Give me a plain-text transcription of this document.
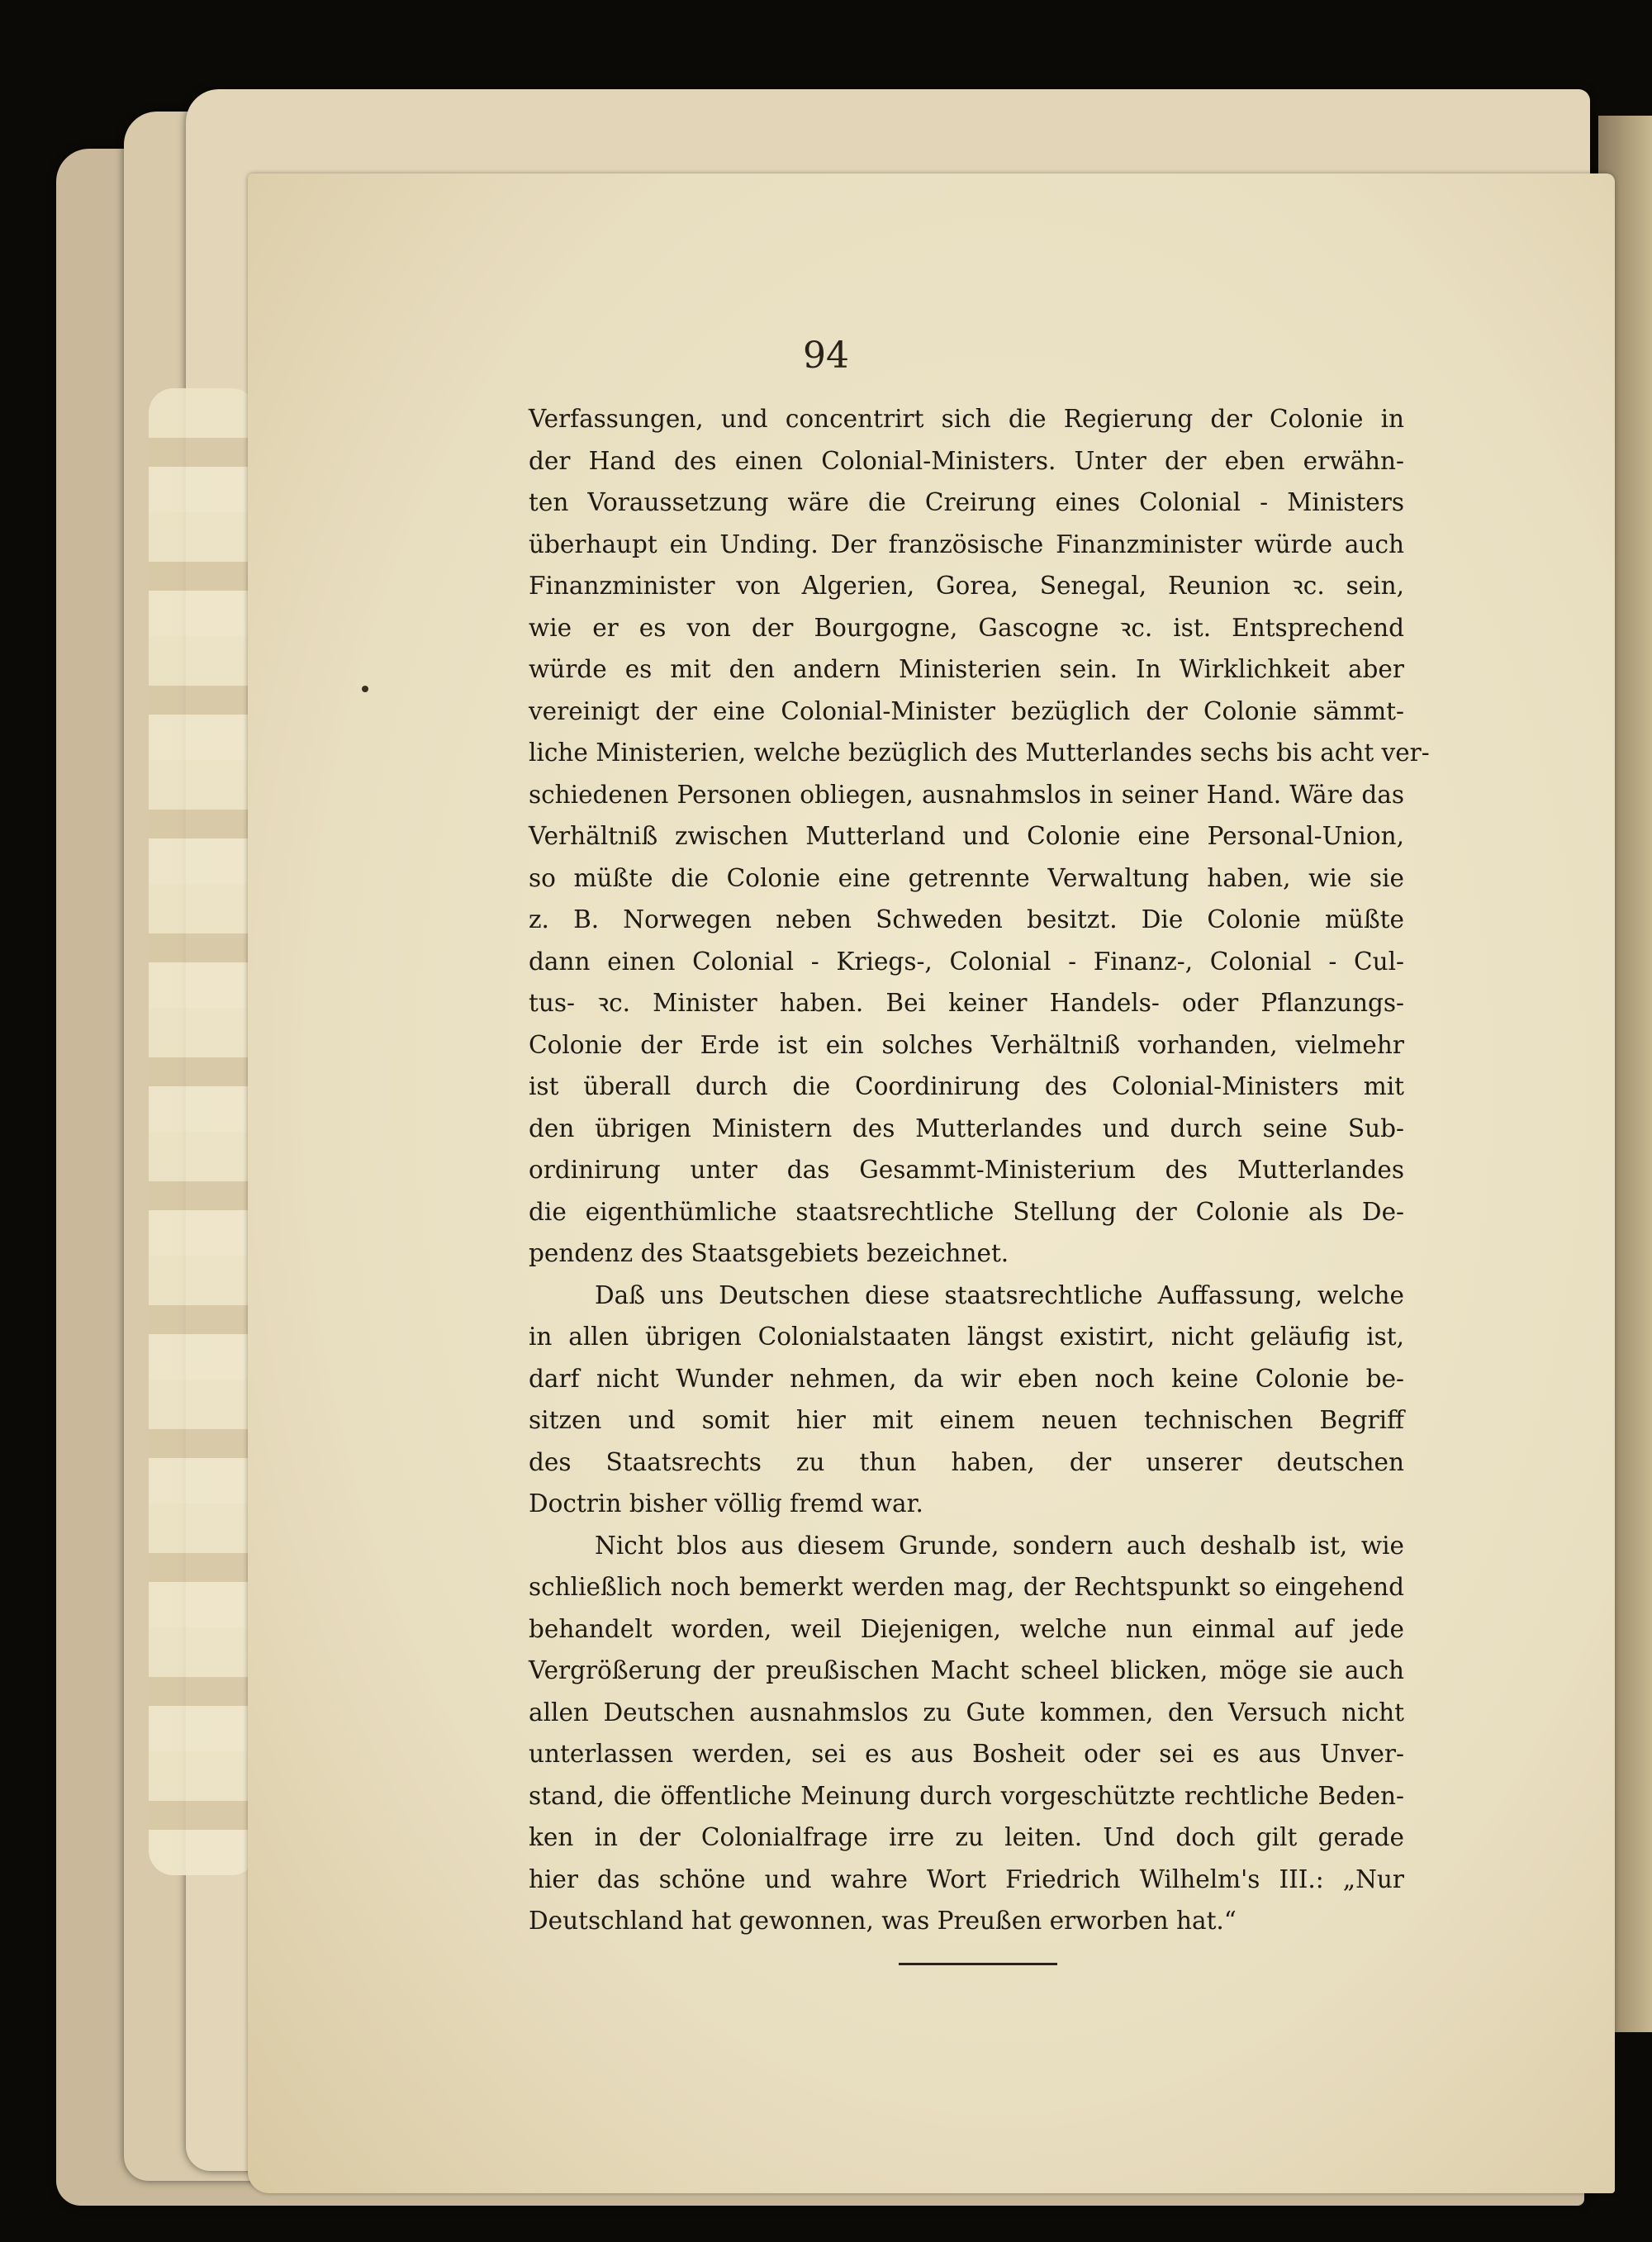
94
Verfassungen, und concentrirt sich die Regierung der Colonie in
der Hand des einen Colonial-Ministers. Unter der eben erwähn-
ten Voraussetzung wäre die Creirung eines Colonial - Ministers
überhaupt ein Unding. Der französische Finanzminister würde auch
Finanzminister von Algerien, Gorea, Senegal, Reunion ꝛc. sein,
wie er es von der Bourgogne, Gascogne ꝛc. ist. Entsprechend
würde es mit den andern Ministerien sein. In Wirklichkeit aber
vereinigt der eine Colonial-Minister bezüglich der Colonie sämmt-
liche Ministerien, welche bezüglich des Mutterlandes sechs bis acht ver-
schiedenen Personen obliegen, ausnahmslos in seiner Hand. Wäre das
Verhältniß zwischen Mutterland und Colonie eine Personal-Union,
so müßte die Colonie eine getrennte Verwaltung haben, wie sie
z. B. Norwegen neben Schweden besitzt. Die Colonie müßte
dann einen Colonial - Kriegs-, Colonial - Finanz-, Colonial - Cul-
tus- ꝛc. Minister haben. Bei keiner Handels- oder Pflanzungs-
Colonie der Erde ist ein solches Verhältniß vorhanden, vielmehr
ist überall durch die Coordinirung des Colonial-Ministers mit
den übrigen Ministern des Mutterlandes und durch seine Sub-
ordinirung unter das Gesammt-Ministerium des Mutterlandes
die eigenthümliche staatsrechtliche Stellung der Colonie als De-
pendenz des Staatsgebiets bezeichnet.
Daß uns Deutschen diese staatsrechtliche Auffassung, welche
in allen übrigen Colonialstaaten längst existirt, nicht geläufig ist,
darf nicht Wunder nehmen, da wir eben noch keine Colonie be-
sitzen und somit hier mit einem neuen technischen Begriff
des Staatsrechts zu thun haben, der unserer deutschen
Doctrin bisher völlig fremd war.
Nicht blos aus diesem Grunde, sondern auch deshalb ist, wie
schließlich noch bemerkt werden mag, der Rechtspunkt so eingehend
behandelt worden, weil Diejenigen, welche nun einmal auf jede
Vergrößerung der preußischen Macht scheel blicken, möge sie auch
allen Deutschen ausnahmslos zu Gute kommen, den Versuch nicht
unterlassen werden, sei es aus Bosheit oder sei es aus Unver-
stand, die öffentliche Meinung durch vorgeschützte rechtliche Beden-
ken in der Colonialfrage irre zu leiten. Und doch gilt gerade
hier das schöne und wahre Wort Friedrich Wilhelm's III.: „Nur
Deutschland hat gewonnen, was Preußen erworben hat.“
